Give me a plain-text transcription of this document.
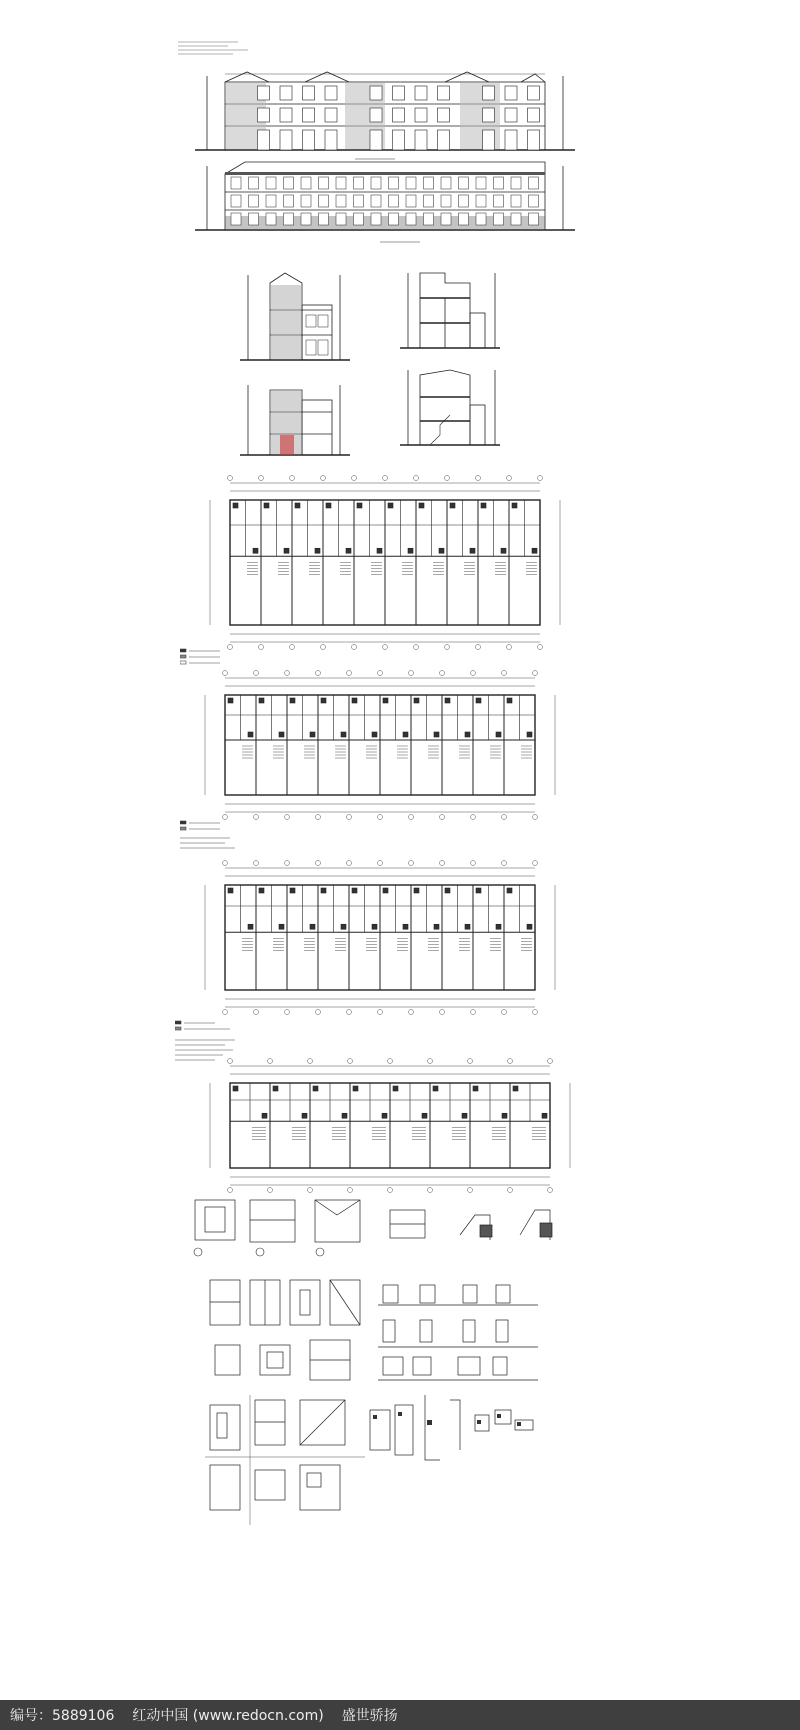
编号：5889106 红动中国 (www.redocn.com) 盛世骄扬
